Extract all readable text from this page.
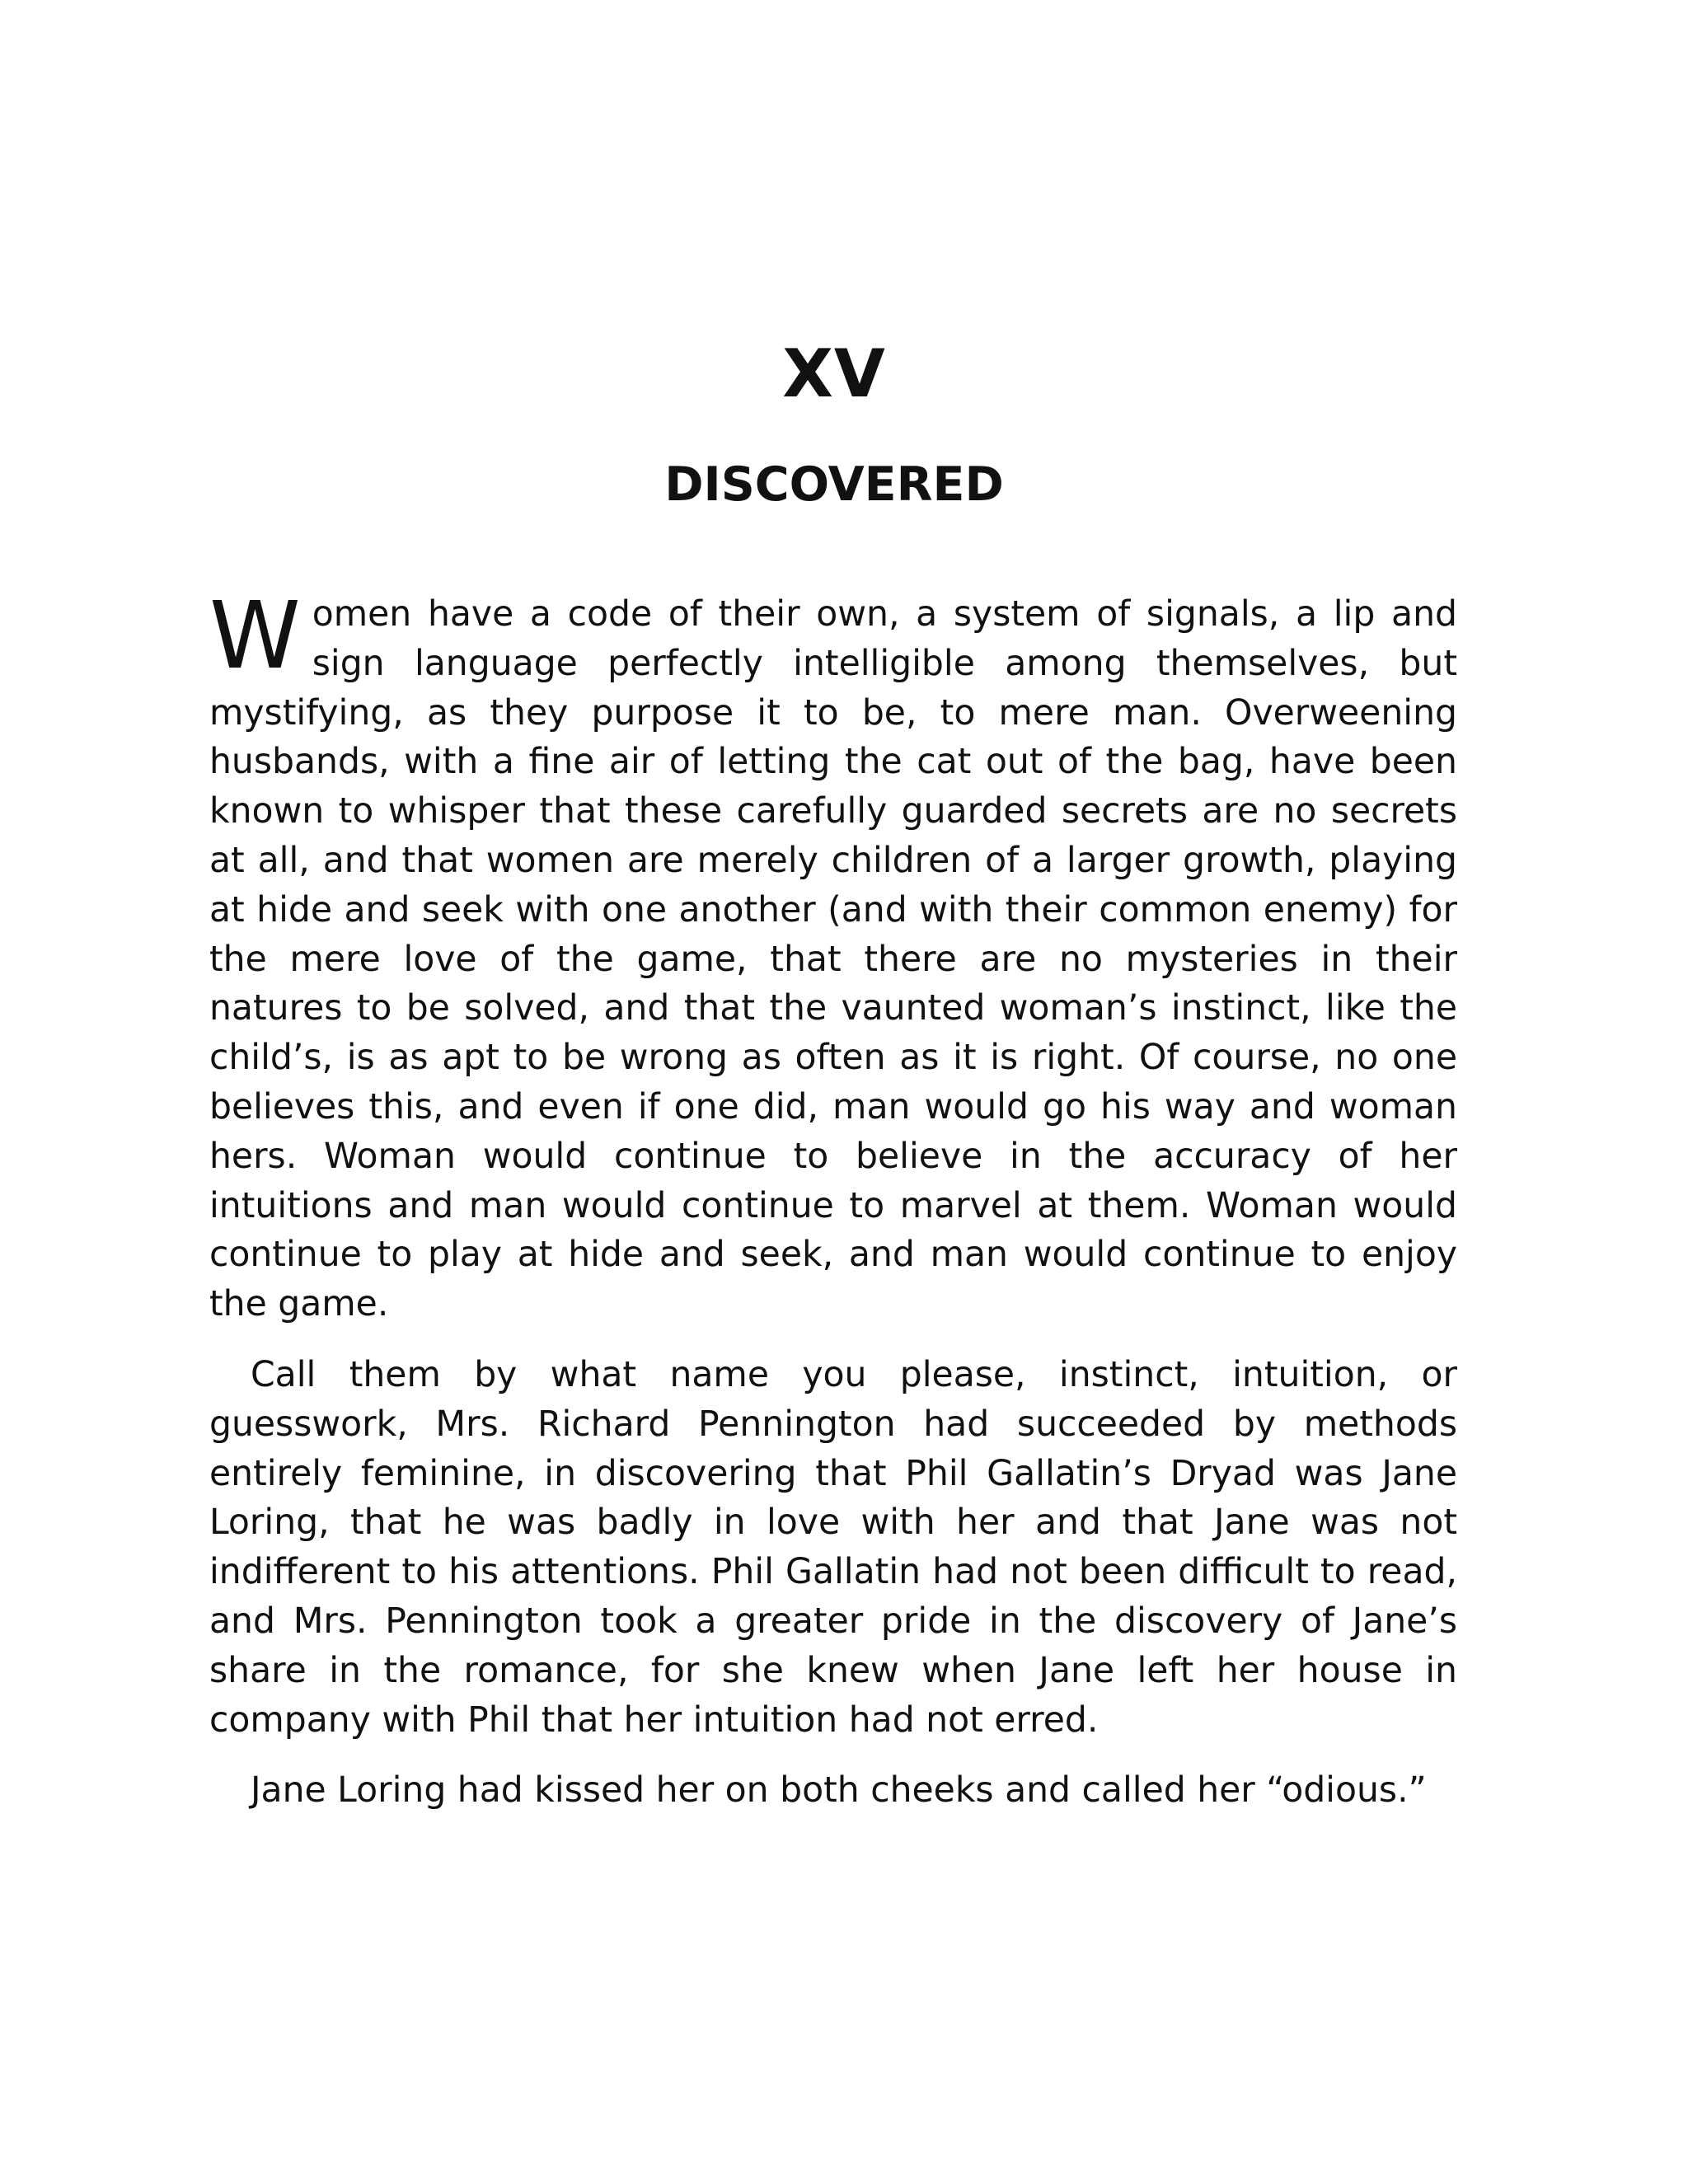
XV
DISCOVERED

Women have a code of their own, a system of signals, a lip and sign language perfectly intelligible among themselves, but mystifying, as they purpose it to be, to mere man. Overweening husbands, with a fine air of letting the cat out of the bag, have been known to whisper that these carefully guarded secrets are no secrets at all, and that women are merely children of a larger growth, playing at hide and seek with one another (and with their common enemy) for the mere love of the game, that there are no mysteries in their natures to be solved, and that the vaunted woman’s instinct, like the child’s, is as apt to be wrong as often as it is right. Of course, no one believes this, and even if one did, man would go his way and woman hers. Woman would continue to believe in the accuracy of her intuitions and man would continue to marvel at them. Woman would continue to play at hide and seek, and man would continue to enjoy the game.

Call them by what name you please, instinct, intuition, or guesswork, Mrs. Richard Pennington had succeeded by methods entirely feminine, in discovering that Phil Gallatin’s Dryad was Jane Loring, that he was badly in love with her and that Jane was not indifferent to his attentions. Phil Gallatin had not been difficult to read, and Mrs. Pennington took a greater pride in the discovery of Jane’s share in the romance, for she knew when Jane left her house in company with Phil that her intuition had not erred.

Jane Loring had kissed her on both cheeks and called her “odious.”
